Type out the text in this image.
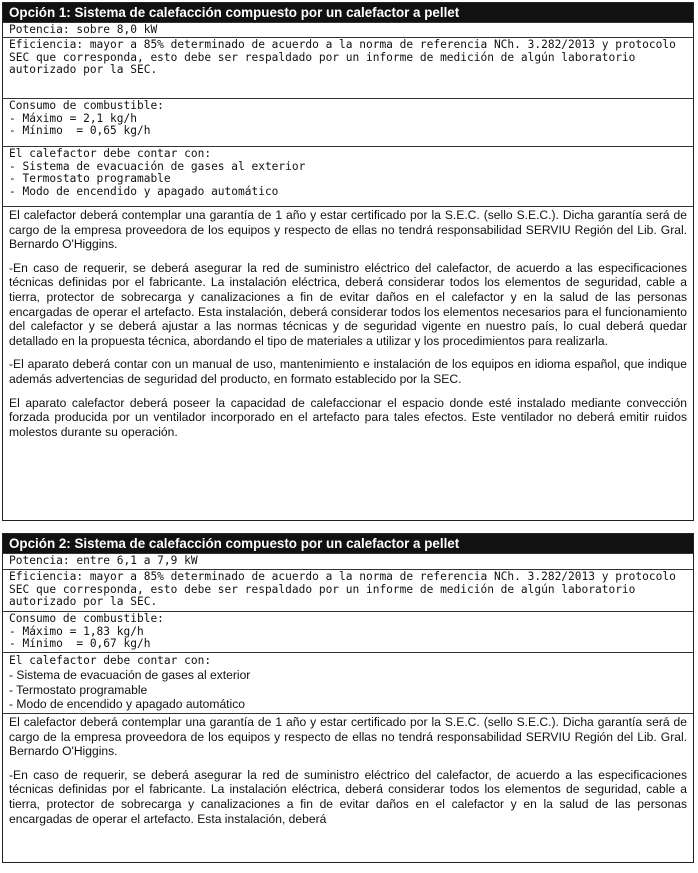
Opción 1: Sistema de calefacción compuesto por un calefactor a pellet
Potencia: sobre 8,0 kW
Eficiencia: mayor a 85% determinado de acuerdo a la norma de referencia NCh. 3.282/2013 y protocolo
SEC que corresponda, esto debe ser respaldado por un informe de medición de algún laboratorio
autorizado por la SEC.
Consumo de combustible:
- Máximo = 2,1 kg/h
- Mínimo  = 0,65 kg/h
El calefactor debe contar con:
- Sistema de evacuación de gases al exterior
- Termostato programable
- Modo de encendido y apagado automático

El calefactor deberá contemplar una garantía de 1 año y estar certificado por la S.E.C. (sello S.E.C.). Dicha garantía será de cargo de la empresa proveedora de los equipos y respecto de ellas no tendrá responsabilidad SERVIU Región del Lib. Gral. Bernardo O'Higgins.

-En caso de requerir, se deberá asegurar la red de suministro eléctrico del calefactor, de acuerdo a las especificaciones técnicas definidas por el fabricante. La instalación eléctrica, deberá considerar todos los elementos de seguridad, cable a tierra, protector de sobrecarga y canalizaciones a fin de evitar daños en el calefactor y en la salud de las personas encargadas de operar el artefacto. Esta instalación, deberá considerar todos los elementos necesarios para el funcionamiento del calefactor y se deberá ajustar a las normas técnicas y de seguridad vigente en nuestro país, lo cual deberá quedar detallado en la propuesta técnica, abordando el tipo de materiales a utilizar y los procedimientos para realizarla.

-El aparato deberá contar con un manual de uso, mantenimiento e instalación de los equipos en idioma español, que indique además advertencias de seguridad del producto, en formato establecido por la SEC.

El aparato calefactor deberá poseer la capacidad de calefaccionar el espacio donde esté instalado mediante convección forzada producida por un ventilador incorporado en el artefacto para tales efectos. Este ventilador no deberá emitir ruidos molestos durante su operación.

Opción 2: Sistema de calefacción compuesto por un calefactor a pellet
Potencia: entre 6,1 a 7,9 kW
Eficiencia: mayor a 85% determinado de acuerdo a la norma de referencia NCh. 3.282/2013 y protocolo
SEC que corresponda, esto debe ser respaldado por un informe de medición de algún laboratorio
autorizado por la SEC.
Consumo de combustible:
- Máximo = 1,83 kg/h
- Mínimo  = 0,67 kg/h
El calefactor debe contar con:
- Sistema de evacuación de gases al exterior
- Termostato programable
- Modo de encendido y apagado automático

El calefactor deberá contemplar una garantía de 1 año y estar certificado por la S.E.C. (sello S.E.C.). Dicha garantía será de cargo de la empresa proveedora de los equipos y respecto de ellas no tendrá responsabilidad SERVIU Región del Lib. Gral. Bernardo O'Higgins.

-En caso de requerir, se deberá asegurar la red de suministro eléctrico del calefactor, de acuerdo a las especificaciones técnicas definidas por el fabricante. La instalación eléctrica, deberá considerar todos los elementos de seguridad, cable a tierra, protector de sobrecarga y canalizaciones a fin de evitar daños en el calefactor y en la salud de las personas encargadas de operar el artefacto. Esta instalación, deberá
